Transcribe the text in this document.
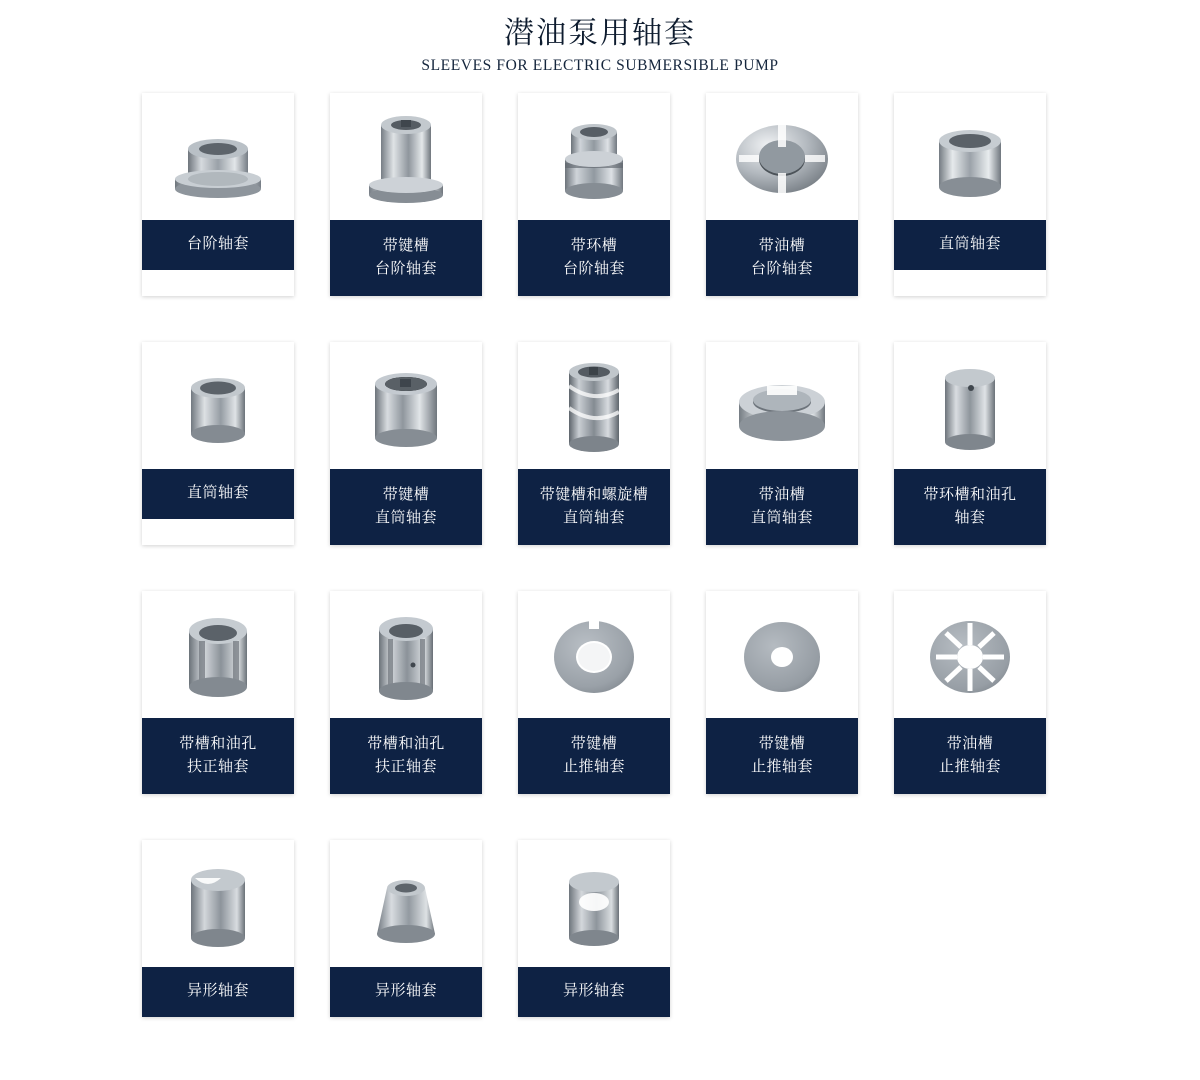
潜油泵用轴套
SLEEVES FOR ELECTRIC SUBMERSIBLE PUMP
台阶轴套	带键槽
台阶轴套
带环槽
台阶轴套
带油槽
台阶轴套
直筒轴套
直筒轴套	带键槽
直筒轴套
带键槽和螺旋槽
直筒轴套
带油槽
直筒轴套
带环槽和油孔
轴套
带槽和油孔
扶正轴套
带槽和油孔
扶正轴套
带键槽
止推轴套
带键槽
止推轴套
带油槽
止推轴套
异形轴套	异形轴套	异形轴套
